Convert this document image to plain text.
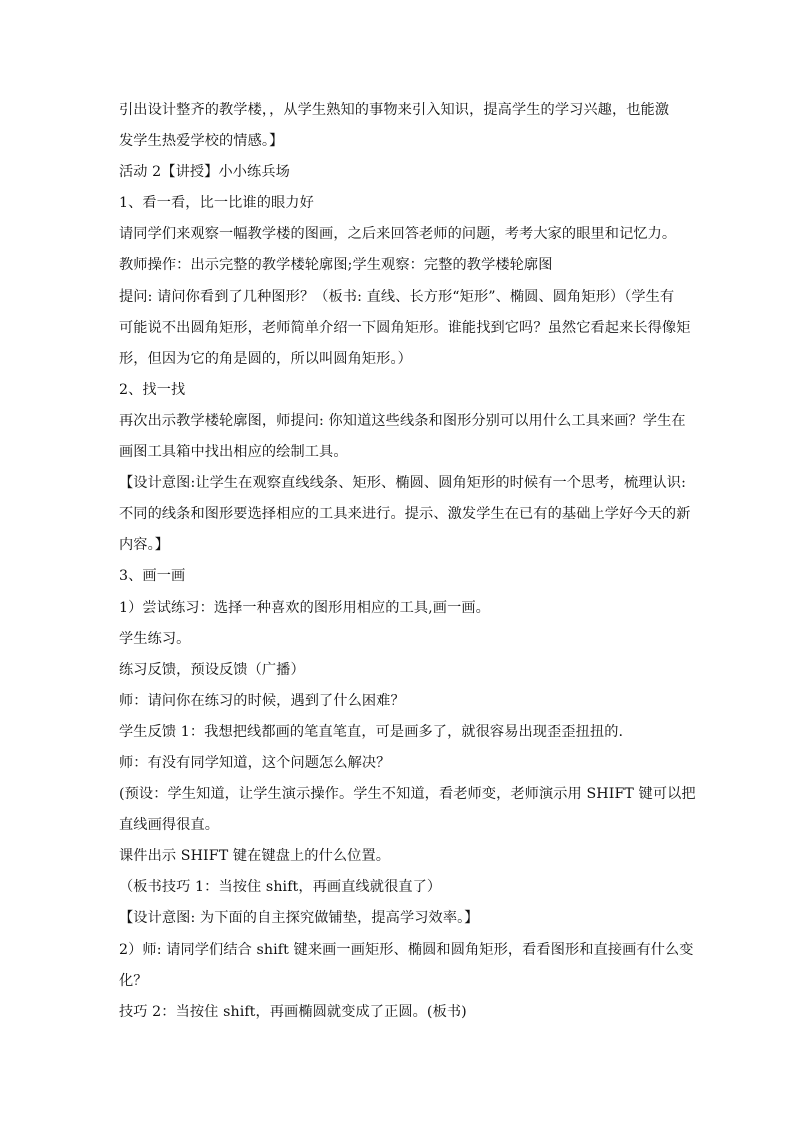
引出设计整齐的教学楼，，从学生熟知的事物来引入知识，提高学生的学习兴趣，也能激
发学生热爱学校的情感。】
活动 2【讲授】小小练兵场
1、看一看，比一比谁的眼力好
请同学们来观察一幅教学楼的图画，之后来回答老师的问题，考考大家的眼里和记忆力。
教师操作：出示完整的教学楼轮廓图;学生观察：完整的教学楼轮廓图
提问: 请问你看到了几种图形？（板书: 直线、长方形“矩形”、椭圆、圆角矩形）（学生有
可能说不出圆角矩形，老师简单介绍一下圆角矩形。谁能找到它吗？虽然它看起来长得像矩
形，但因为它的角是圆的，所以叫圆角矩形。）
2、找一找
再次出示教学楼轮廓图，师提问: 你知道这些线条和图形分别可以用什么工具来画？学生在
画图工具箱中找出相应的绘制工具。
【设计意图:让学生在观察直线线条、矩形、椭圆、圆角矩形的时候有一个思考，梳理认识:
不同的线条和图形要选择相应的工具来进行。提示、激发学生在已有的基础上学好今天的新
内容。】
3、画一画
1）尝试练习：选择一种喜欢的图形用相应的工具,画一画。
学生练习。
练习反馈，预设反馈（广播）
师：请问你在练习的时候，遇到了什么困难？
学生反馈 1：我想把线都画的笔直笔直，可是画多了，就很容易出现歪歪扭扭的.
师：有没有同学知道，这个问题怎么解决？
(预设：学生知道，让学生演示操作。学生不知道，看老师变，老师演示用 SHIFT 键可以把
直线画得很直。
课件出示 SHIFT 键在键盘上的什么位置。
（板书技巧 1：当按住 shift，再画直线就很直了）
【设计意图: 为下面的自主探究做铺垫，提高学习效率。】
2）师: 请同学们结合 shift 键来画一画矩形、椭圆和圆角矩形，看看图形和直接画有什么变
化？
技巧 2：当按住 shift，再画椭圆就变成了正圆。(板书)
